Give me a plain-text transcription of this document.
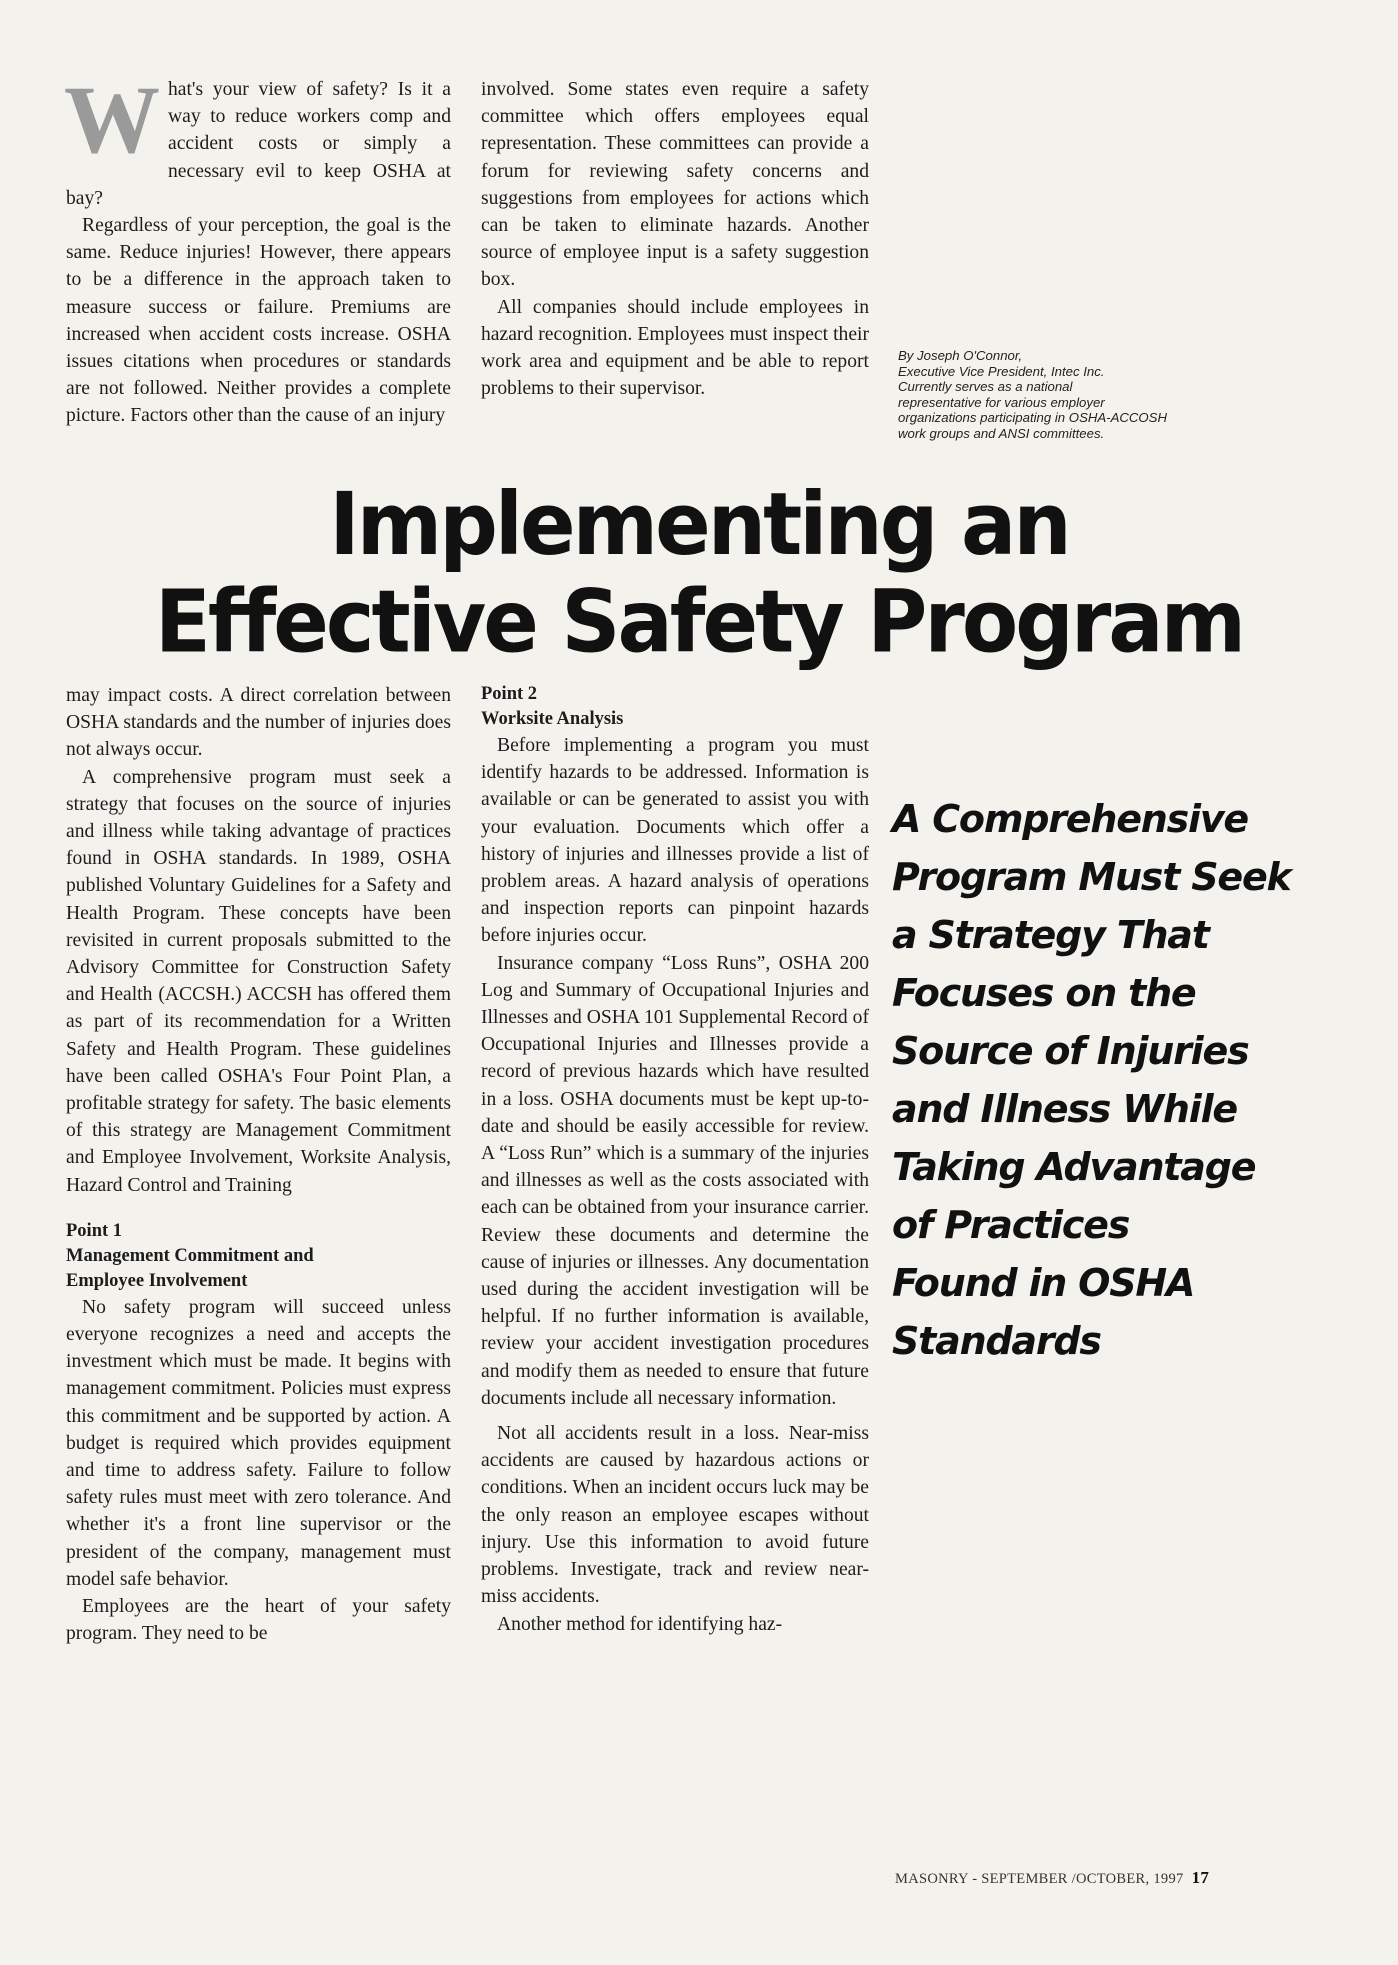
What's your view of safety? Is it a way to reduce workers comp and accident costs or simply a necessary evil to keep OSHA at bay?

Regardless of your perception, the goal is the same. Reduce injuries! However, there appears to be a difference in the approach taken to measure success or failure. Premiums are increased when accident costs increase. OSHA issues citations when procedures or standards are not followed. Neither provides a complete picture. Factors other than the cause of an injury

involved. Some states even require a safety committee which offers employees equal representation. These committees can provide a forum for reviewing safety concerns and suggestions from employees for actions which can be taken to eliminate hazards. Another source of employee input is a safety suggestion box.

All companies should include employees in hazard recognition. Employees must inspect their work area and equipment and be able to report problems to their supervisor.

By Joseph O'Connor,
Executive Vice President, Intec Inc.
Currently serves as a national
representative for various employer
organizations participating in OSHA-ACCOSH
work groups and ANSI committees.
Implementing an
Effective Safety Program

may impact costs. A direct correlation between OSHA standards and the number of injuries does not always occur.

A comprehensive program must seek a strategy that focuses on the source of injuries and illness while taking advantage of practices found in OSHA standards. In 1989, OSHA published Voluntary Guidelines for a Safety and Health Program. These concepts have been revisited in current proposals submitted to the Advisory Committee for Construction Safety and Health (ACCSH.) ACCSH has offered them as part of its recommendation for a Written Safety and Health Program. These guidelines have been called OSHA's Four Point Plan, a profitable strategy for safety. The basic elements of this strategy are Management Commitment and Employee Involvement, Worksite Analysis, Hazard Control and Training

Point 1
Management Commitment and
Employee Involvement

No safety program will succeed unless everyone recognizes a need and accepts the investment which must be made. It begins with management commitment. Policies must express this commitment and be supported by action. A budget is required which provides equipment and time to address safety. Failure to follow safety rules must meet with zero tolerance. And whether it's a front line supervisor or the president of the company, management must model safe behavior.

Employees are the heart of your safety program. They need to be

Point 2
Worksite Analysis

Before implementing a program you must identify hazards to be addressed. Information is available or can be generated to assist you with your evaluation. Documents which offer a history of injuries and illnesses provide a list of problem areas. A hazard analysis of operations and inspection reports can pinpoint hazards before injuries occur.

Insurance company “Loss Runs”, OSHA 200 Log and Summary of Occupational Injuries and Illnesses and OSHA 101 Supplemental Record of Occupational Injuries and Illnesses provide a record of previous hazards which have resulted in a loss. OSHA documents must be kept up-to-date and should be easily accessible for review. A “Loss Run” which is a summary of the injuries and illnesses as well as the costs associated with each can be obtained from your insurance carrier. Review these documents and determine the cause of injuries or illnesses. Any documentation used during the accident investigation will be helpful. If no further information is available, review your accident investigation procedures and modify them as needed to ensure that future documents include all necessary information.

Not all accidents result in a loss. Near-miss accidents are caused by hazardous actions or conditions. When an incident occurs luck may be the only reason an employee escapes without injury. Use this information to avoid future problems. Investigate, track and review near-miss accidents.

Another method for identifying haz-

A Comprehensive
Program Must Seek
a Strategy That
Focuses on the
Source of Injuries
and Illness While
Taking Advantage
of Practices
Found in OSHA
Standards
MASONRY - SEPTEMBER /OCTOBER, 1997 17
